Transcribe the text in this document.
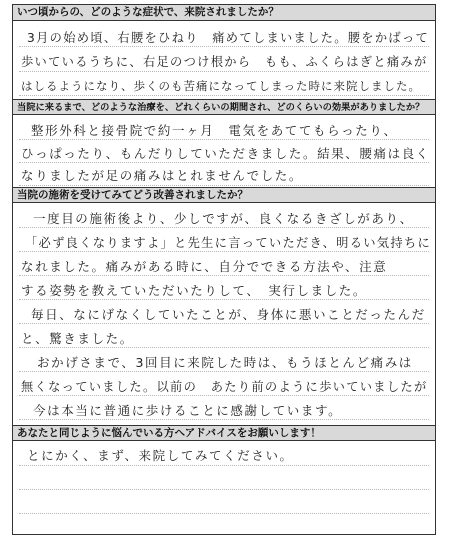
いつ頃からの、どのような症状で、来院されましたか？
3月の始め頃、右腰をひねり　痛めてしまいました。腰をかばって
歩いているうちに、右足のつけ根から　もも、ふくらはぎと痛みが
はしるようになり、歩くのも苦痛になってしまった時に来院しました。
当院に来るまで、どのような治療を、どれくらいの期間され、どのくらいの効果がありましたか？
整形外科と接骨院で約一ヶ月　電気をあててもらったり、
ひっぱったり、もんだりしていただきました。結果、腰痛は良く
なりましたが足の痛みはとれませんでした。
当院の施術を受けてみてどう改善されましたか？
一度目の施術後より、少しですが、良くなるきざしがあり、
「必ず良くなりますよ」と先生に言っていただき、明るい気持ちに
なれました。痛みがある時に、自分でできる方法や、注意
する姿勢を教えていただいたりして、　実行しました。
毎日、なにげなくしていたことが、身体に悪いことだったんだ
と、驚きました。
おかげさまで、3回目に来院した時は、もうほとんど痛みは
無くなっていました。以前の　あたり前のように歩いていましたが
今は本当に普通に歩けることに感謝しています。
あなたと同じように悩んでいる方へアドバイスをお願いします！
とにかく、まず、来院してみてください。
